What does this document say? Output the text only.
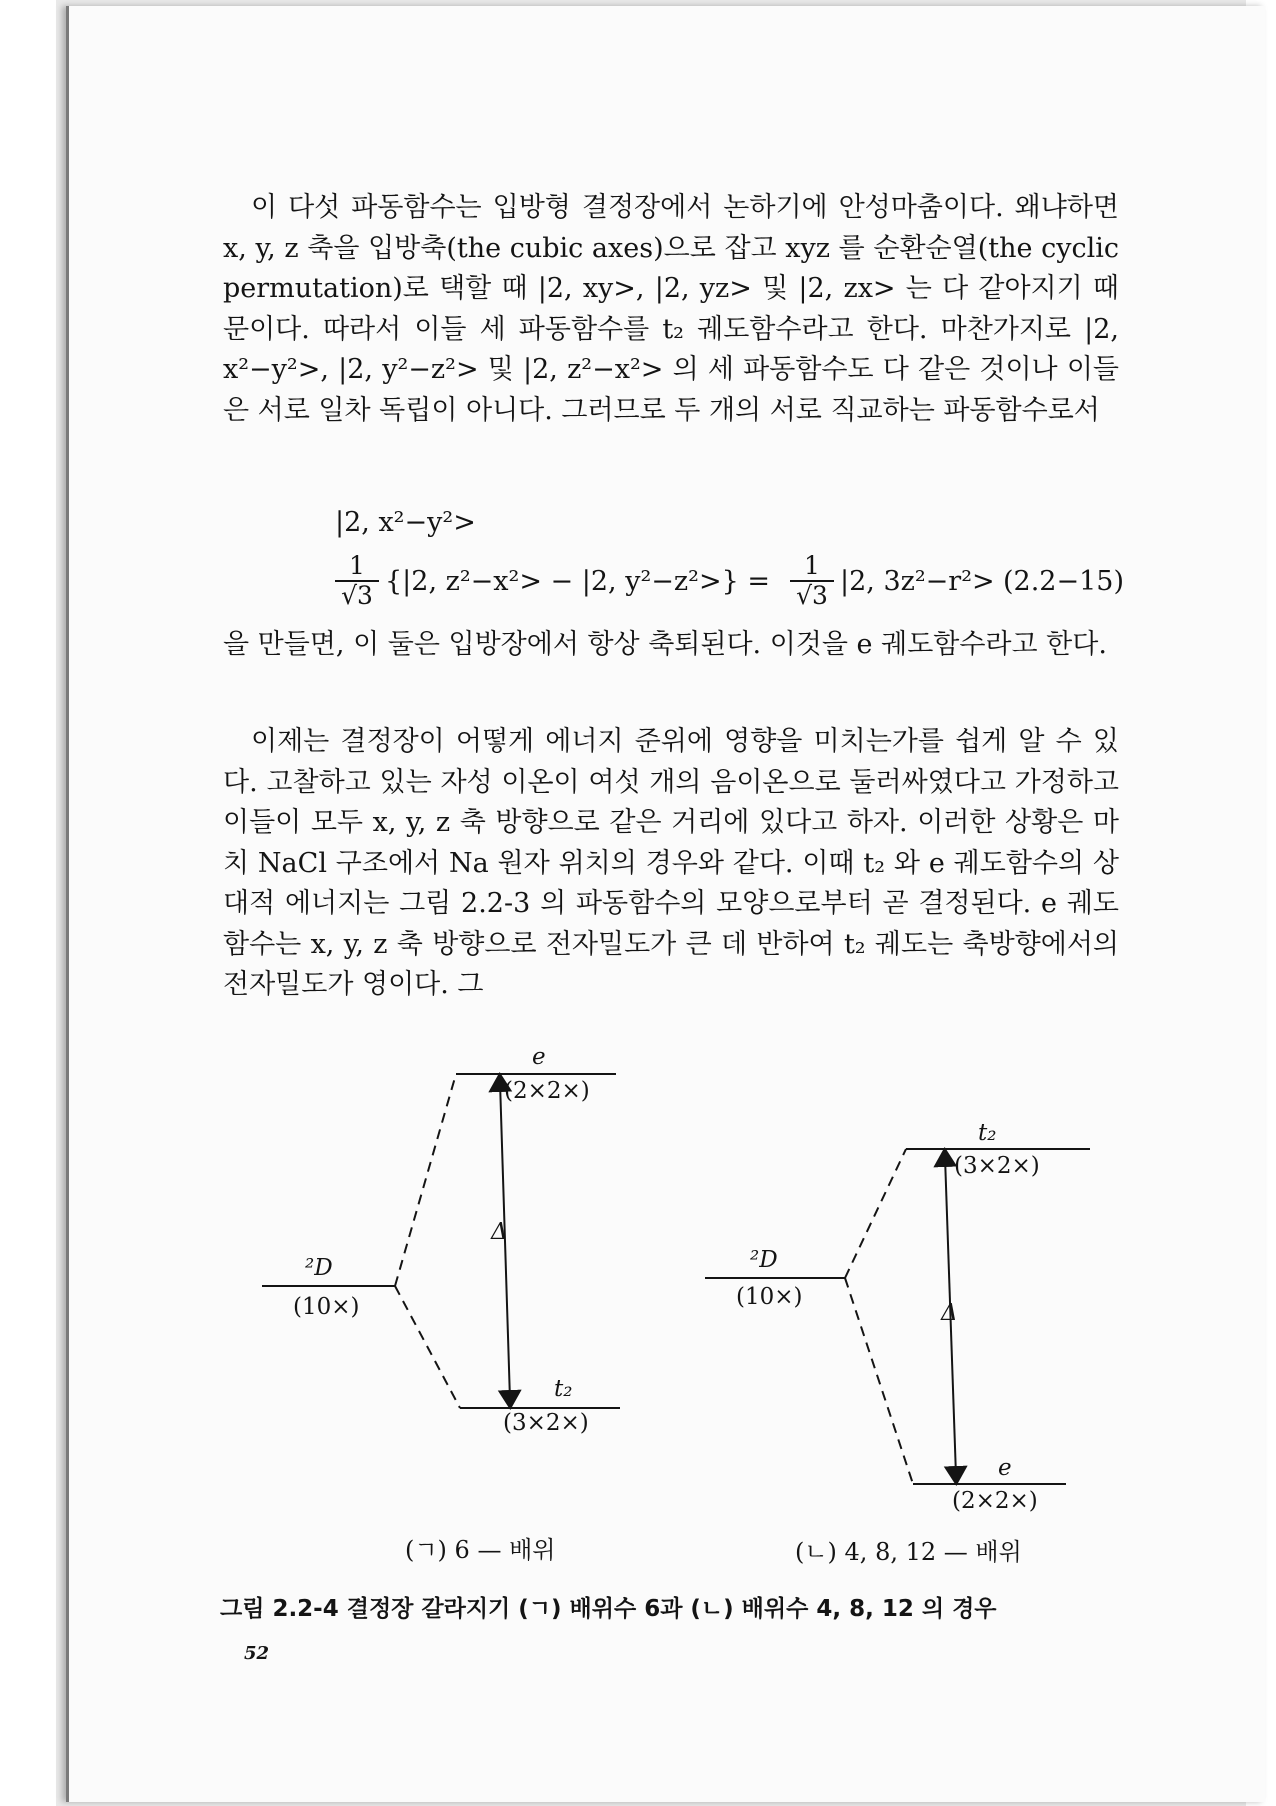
이 다섯 파동함수는 입방형 결정장에서 논하기에 안성마춤이다. 왜냐하면 x, y, z 축을 입방축(the cubic axes)으로 잡고 xyz 를 순환순열(the cyclic permutation)로 택할 때 |2, xy>, |2, yz> 및 |2, zx> 는 다 같아지기 때문이다. 따라서 이들 세 파동함수를 t₂ 궤도함수라고 한다. 마찬가지로 |2, x²−y²>, |2, y²−z²> 및 |2, z²−x²> 의 세 파동함수도 다 같은 것이나 이들은 서로 일차 독립이 아니다. 그러므로 두 개의 서로 직교하는 파동함수로서
|2, x²−y²>
$\frac{1}{√3} \{|2$, z²−x²> − |2, $y^2-z^2>\} = \frac{1}{√3} |2$, 3z²−r²> (2.2−15)
을 만들면, 이 둘은 입방장에서 항상 축퇴된다. 이것을 e 궤도함수라고 한다.
이제는 결정장이 어떻게 에너지 준위에 영향을 미치는가를 쉽게 알 수 있다. 고찰하고 있는 자성 이온이 여섯 개의 음이온으로 둘러싸였다고 가정하고 이들이 모두 x, y, z 축 방향으로 같은 거리에 있다고 하자. 이러한 상황은 마치 NaCl 구조에서 Na 원자 위치의 경우와 같다. 이때 t₂ 와 e 궤도함수의 상대적 에너지는 그림 2.2-3 의 파동함수의 모양으로부터 곧 결정된다. e 궤도함수는 x, y, z 축 방향으로 전자밀도가 큰 데 반하여 t₂ 궤도는 축방향에서의 전자밀도가 영이다. 그
²D
(10×)
e
(2×2×)
Δ
t₂
(3×2×)
²D
(10×)
t₂
(3×2×)
Δ
e
(2×2×)
(ㄱ) 6 — 배위	(ㄴ) 4, 8, 12 — 배위
그림 2.2-4 결정장 갈라지기 (ㄱ) 배위수 6과 (ㄴ) 배위수 4, 8, 12 의 경우
52
